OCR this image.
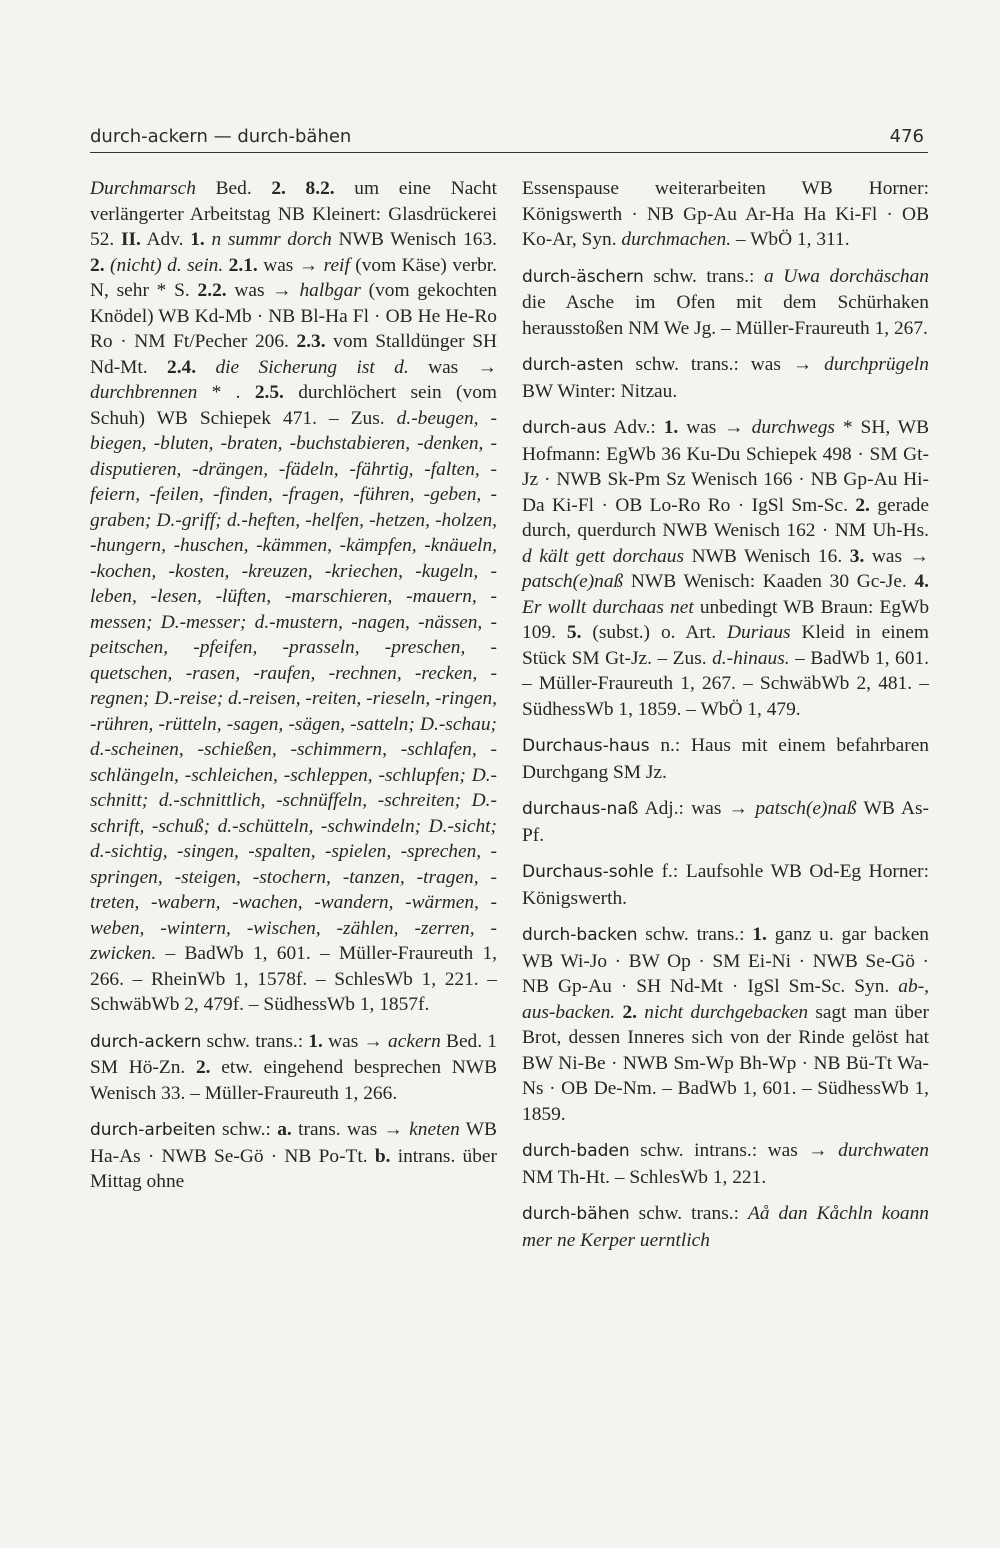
durch-ackern — durch-bähen	476

Durchmarsch Bed. 2. 8.2. um eine Nacht verlängerter Arbeitstag NB Kleinert: Glasdrückerei 52. II. Adv. 1. n summr dorch NWB Wenisch 163. 2. (nicht) d. sein. 2.1. was → reif (vom Käse) verbr. N, sehr * S. 2.2. was → halbgar (vom gekochten Knödel) WB Kd-Mb · NB Bl-Ha Fl · OB He He-Ro Ro · NM Ft/Pecher 206. 2.3. vom Stalldünger SH Nd-Mt. 2.4. die Sicherung ist d. was → durchbrennen * . 2.5. durchlöchert sein (vom Schuh) WB Schiepek 471. – Zus. d.-beugen, -biegen, -bluten, -braten, -buchstabieren, -denken, -disputieren, -drängen, -fädeln, -fährtig, -falten, -feiern, -feilen, -finden, -fragen, -führen, -geben, -graben; D.-griff; d.-heften, -helfen, -hetzen, -holzen, -hungern, -huschen, -kämmen, -kämpfen, -knäueln, -kochen, -kosten, -kreuzen, -kriechen, -kugeln, -leben, -lesen, -lüften, -marschieren, -mauern, -messen; D.-messer; d.-mustern, -nagen, -nässen, -peitschen, -pfeifen, -prasseln, -preschen, -quetschen, -rasen, -raufen, -rechnen, -recken, -regnen; D.-reise; d.-reisen, -reiten, -rieseln, -ringen, -rühren, -rütteln, -sagen, -sägen, -satteln; D.-schau; d.-scheinen, -schießen, -schimmern, -schlafen, -schlängeln, -schleichen, -schleppen, -schlupfen; D.-schnitt; d.-schnittlich, -schnüffeln, -schreiten; D.-schrift, -schuß; d.-schütteln, -schwindeln; D.-sicht; d.-sichtig, -singen, -spalten, -spielen, -sprechen, -springen, -steigen, -stochern, -tanzen, -tragen, -treten, -wabern, -wachen, -wandern, -wärmen, -weben, -wintern, -wischen, -zählen, -zerren, -zwicken. – BadWb 1, 601. – Müller-Fraureuth 1, 266. – RheinWb 1, 1578f. – SchlesWb 1, 221. – SchwäbWb 2, 479f. – SüdhessWb 1, 1857f.

durch-ackern schw. trans.: 1. was → ackern Bed. 1 SM Hö-Zn. 2. etw. eingehend besprechen NWB Wenisch 33. – Müller-Fraureuth 1, 266.

durch-arbeiten schw.: a. trans. was → kneten WB Ha-As · NWB Se-Gö · NB Po-Tt. b. intrans. über Mittag ohne

Essenspause weiterarbeiten WB Horner: Königswerth · NB Gp-Au Ar-Ha Ha Ki-Fl · OB Ko-Ar, Syn. durchmachen. – WbÖ 1, 311.

durch-äschern schw. trans.: a Uwa dorchäschan die Asche im Ofen mit dem Schürhaken herausstoßen NM We Jg. – Müller-Fraureuth 1, 267.

durch-asten schw. trans.: was → durchprügeln BW Winter: Nitzau.

durch-aus Adv.: 1. was → durchwegs * SH, WB Hofmann: EgWb 36 Ku-Du Schiepek 498 · SM Gt-Jz · NWB Sk-Pm Sz Wenisch 166 · NB Gp-Au Hi-Da Ki-Fl · OB Lo-Ro Ro · IgSl Sm-Sc. 2. gerade durch, querdurch NWB Wenisch 162 · NM Uh-Hs. d kält gett dorchaus NWB Wenisch 16. 3. was → patsch(e)naß NWB Wenisch: Kaaden 30 Gc-Je. 4. Er wollt durchaas net unbedingt WB Braun: EgWb 109. 5. (subst.) o. Art. Duriaus Kleid in einem Stück SM Gt-Jz. – Zus. d.-hinaus. – BadWb 1, 601. – Müller-Fraureuth 1, 267. – SchwäbWb 2, 481. – SüdhessWb 1, 1859. – WbÖ 1, 479.

Durchaus-haus n.: Haus mit einem befahrbaren Durchgang SM Jz.

durchaus-naß Adj.: was → patsch(e)naß WB As-Pf.

Durchaus-sohle f.: Laufsohle WB Od-Eg Horner: Königswerth.

durch-backen schw. trans.: 1. ganz u. gar backen WB Wi-Jo · BW Op · SM Ei-Ni · NWB Se-Gö · NB Gp-Au · SH Nd-Mt · IgSl Sm-Sc. Syn. ab-, aus-backen. 2. nicht durchgebacken sagt man über Brot, dessen Inneres sich von der Rinde gelöst hat BW Ni-Be · NWB Sm-Wp Bh-Wp · NB Bü-Tt Wa-Ns · OB De-Nm. – BadWb 1, 601. – SüdhessWb 1, 1859.

durch-baden schw. intrans.: was → durchwaten NM Th-Ht. – SchlesWb 1, 221.

durch-bähen schw. trans.: Aå dan Kåchln koann mer ne Kerper uerntlich
